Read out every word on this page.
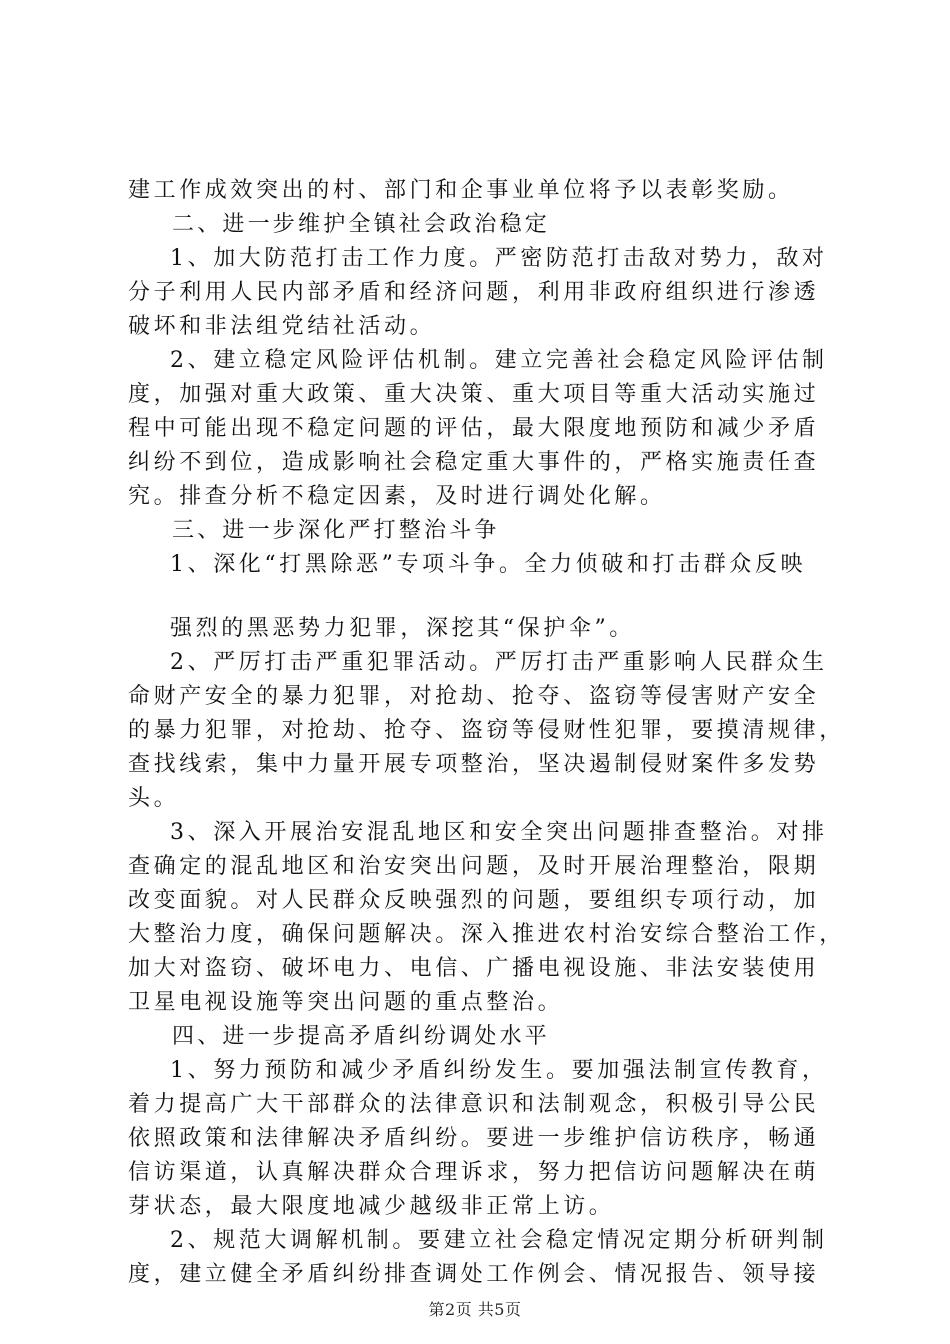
建工作成效突出的村、部门和企事业单位将予以表彰奖励。
二、进一步维护全镇社会政治稳定
1、加大防范打击工作力度。严密防范打击敌对势力，敌对
分子利用人民内部矛盾和经济问题，利用非政府组织进行渗透
破坏和非法组党结社活动。
2、建立稳定风险评估机制。建立完善社会稳定风险评估制
度，加强对重大政策、重大决策、重大项目等重大活动实施过
程中可能出现不稳定问题的评估，最大限度地预防和减少矛盾
纠纷不到位，造成影响社会稳定重大事件的，严格实施责任查
究。排查分析不稳定因素，及时进行调处化解。
三、进一步深化严打整治斗争
1、深化“打黑除恶”专项斗争。全力侦破和打击群众反映
强烈的黑恶势力犯罪，深挖其“保护伞”。
2、严厉打击严重犯罪活动。严厉打击严重影响人民群众生
命财产安全的暴力犯罪，对抢劫、抢夺、盗窃等侵害财产安全
的暴力犯罪，对抢劫、抢夺、盗窃等侵财性犯罪，要摸清规律，
查找线索，集中力量开展专项整治，坚决遏制侵财案件多发势
头。
3、深入开展治安混乱地区和安全突出问题排查整治。对排
查确定的混乱地区和治安突出问题，及时开展治理整治，限期
改变面貌。对人民群众反映强烈的问题，要组织专项行动，加
大整治力度，确保问题解决。深入推进农村治安综合整治工作，
加大对盗窃、破坏电力、电信、广播电视设施、非法安装使用
卫星电视设施等突出问题的重点整治。
四、进一步提高矛盾纠纷调处水平
1、努力预防和减少矛盾纠纷发生。要加强法制宣传教育，
着力提高广大干部群众的法律意识和法制观念，积极引导公民
依照政策和法律解决矛盾纠纷。要进一步维护信访秩序，畅通
信访渠道，认真解决群众合理诉求，努力把信访问题解决在萌
芽状态，最大限度地减少越级非正常上访。
2、规范大调解机制。要建立社会稳定情况定期分析研判制
度，建立健全矛盾纠纷排查调处工作例会、情况报告、领导接
第2页 共5页
